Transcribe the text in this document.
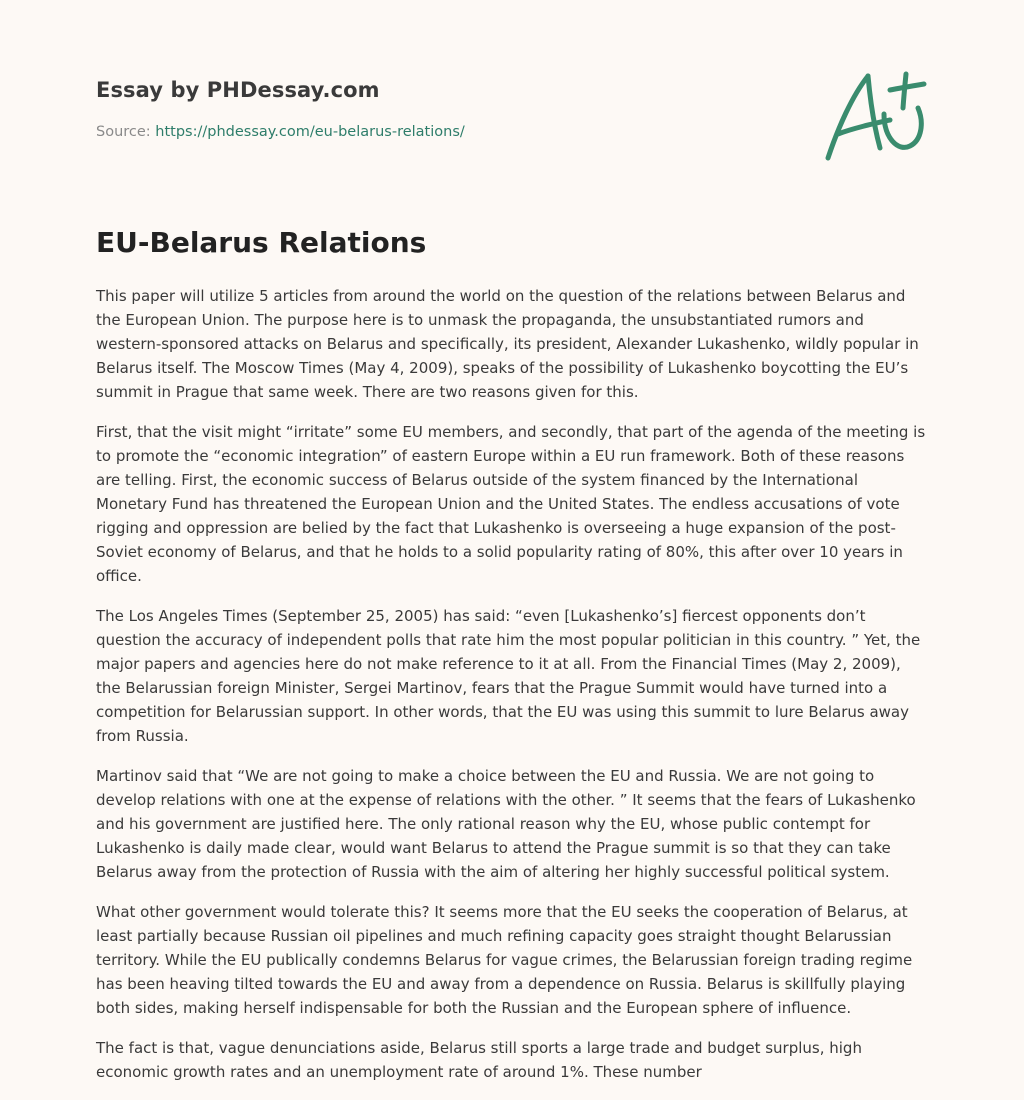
Essay by PHDessay.com
Source: https://phdessay.com/eu-belarus-relations/
EU-Belarus Relations

This paper will utilize 5 articles from around the world on the question of the relations between Belarus and the European Union. The purpose here is to unmask the propaganda, the unsubstantiated rumors and western-sponsored attacks on Belarus and specifically, its president, Alexander Lukashenko, wildly popular in Belarus itself. The Moscow Times (May 4, 2009), speaks of the possibility of Lukashenko boycotting the EU’s summit in Prague that same week. There are two reasons given for this.

First, that the visit might “irritate” some EU members, and secondly, that part of the agenda of the meeting is to promote the “economic integration” of eastern Europe within a EU run framework. Both of these reasons are telling. First, the economic success of Belarus outside of the system financed by the International Monetary Fund has threatened the European Union and the United States. The endless accusations of vote rigging and oppression are belied by the fact that Lukashenko is overseeing a huge expansion of the post-Soviet economy of Belarus, and that he holds to a solid popularity rating of 80%, this after over 10 years in office.

The Los Angeles Times (September 25, 2005) has said: “even [Lukashenko’s] fiercest opponents don’t question the accuracy of independent polls that rate him the most popular politician in this country. ” Yet, the major papers and agencies here do not make reference to it at all. From the Financial Times (May 2, 2009), the Belarussian foreign Minister, Sergei Martinov, fears that the Prague Summit would have turned into a competition for Belarussian support. In other words, that the EU was using this summit to lure Belarus away from Russia.

Martinov said that “We are not going to make a choice between the EU and Russia. We are not going to develop relations with one at the expense of relations with the other. ” It seems that the fears of Lukashenko and his government are justified here. The only rational reason why the EU, whose public contempt for Lukashenko is daily made clear, would want Belarus to attend the Prague summit is so that they can take Belarus away from the protection of Russia with the aim of altering her highly successful political system.

What other government would tolerate this? It seems more that the EU seeks the cooperation of Belarus, at least partially because Russian oil pipelines and much refining capacity goes straight thought Belarussian territory. While the EU publically condemns Belarus for vague crimes, the Belarussian foreign trading regime has been heaving tilted towards the EU and away from a dependence on Russia. Belarus is skillfully playing both sides, making herself indispensable for both the Russian and the European sphere of influence.

The fact is that, vague denunciations aside, Belarus still sports a large trade and budget surplus, high economic growth rates and an unemployment rate of around 1%. These number
